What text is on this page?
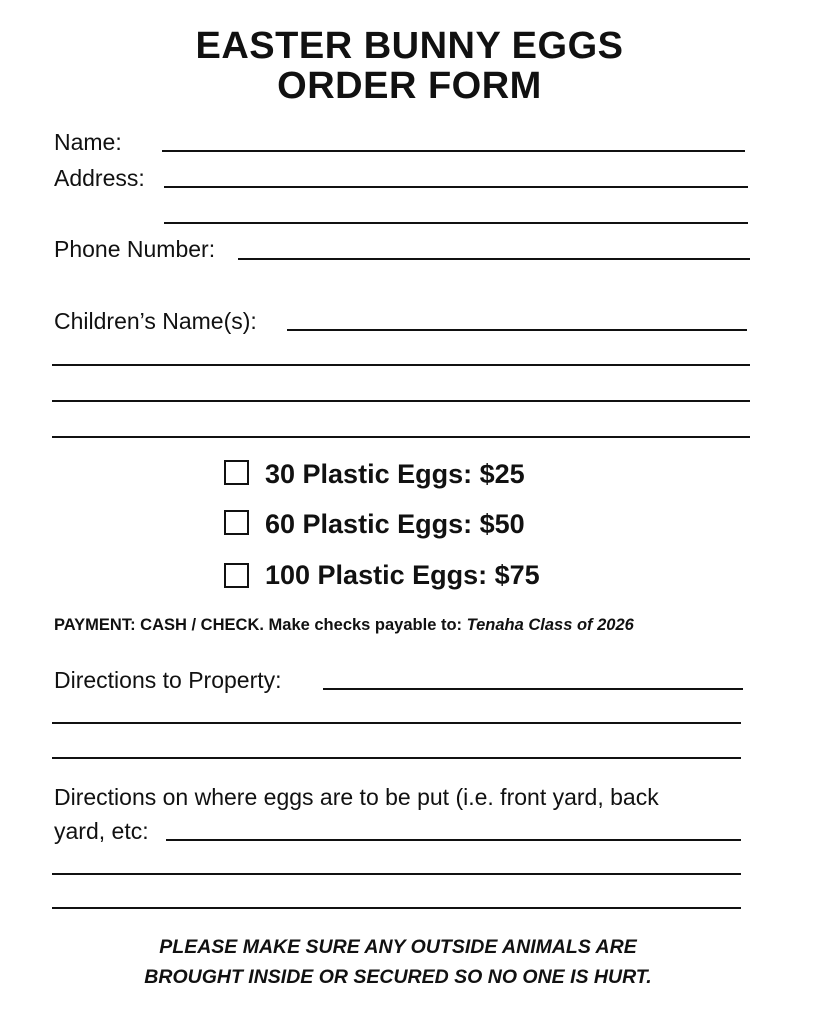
EASTER BUNNY EGGS
ORDER FORM
Name:
Address:
Phone Number:
Children’s Name(s):
30 Plastic Eggs: $25
60 Plastic Eggs: $50
100 Plastic Eggs: $75
PAYMENT: CASH / CHECK. Make checks payable to: Tenaha Class of 2026
Directions to Property:
Directions on where eggs are to be put (i.e. front yard, back
yard, etc:
PLEASE MAKE SURE ANY OUTSIDE ANIMALS ARE
BROUGHT INSIDE OR SECURED SO NO ONE IS HURT.
